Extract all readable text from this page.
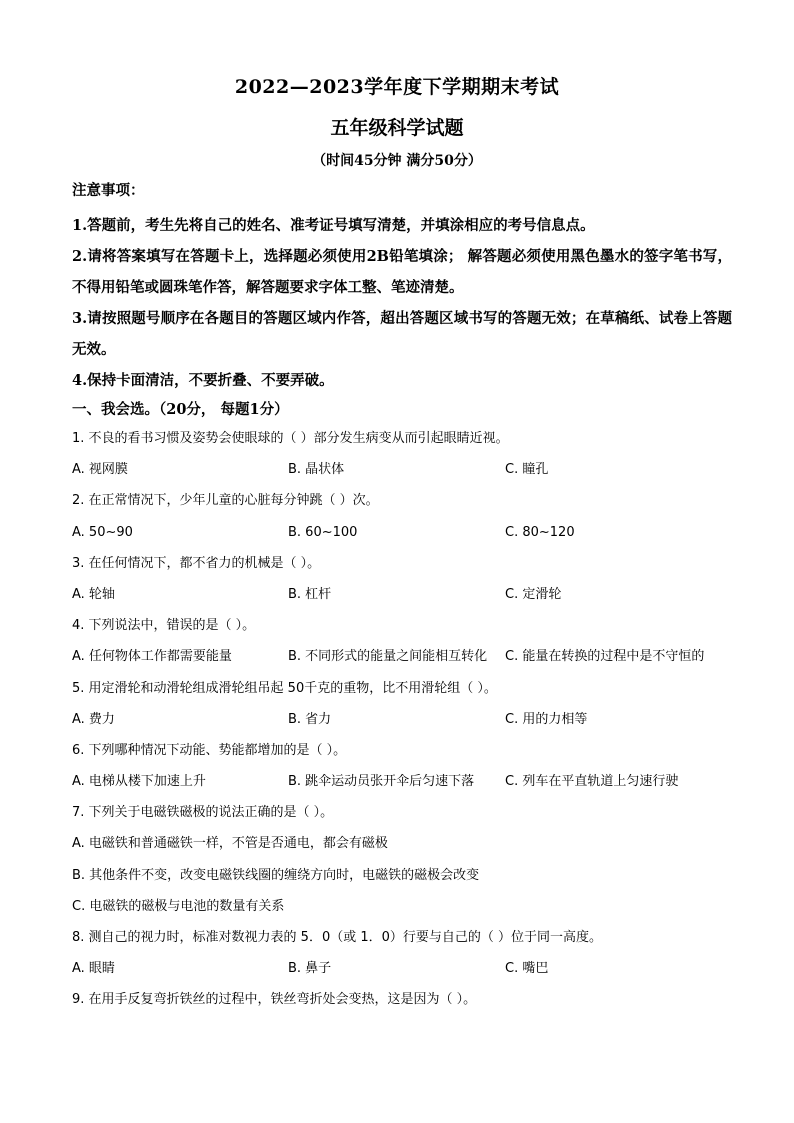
2022—2023学年度下学期期末考试
五年级科学试题
（时间45分钟 满分50分）
注意事项：
1.答题前，考生先将自己的姓名、准考证号填写清楚，并填涂相应的考号信息点。
2.请将答案填写在答题卡上，选择题必须使用2B铅笔填涂； 解答题必须使用黑色墨水的签字笔书写，不得用铅笔或圆珠笔作答，解答题要求字体工整、笔迹清楚。
3.请按照题号顺序在各题目的答题区域内作答，超出答题区域书写的答题无效；在草稿纸、试卷上答题无效。
4.保持卡面清洁，不要折叠、不要弄破。
一、我会选。（20分， 每题1分）
1. 不良的看书习惯及姿势会使眼球的（ ）部分发生病变从而引起眼睛近视。
A. 视网膜	B. 晶状体	C. 瞳孔
2. 在正常情况下，少年儿童的心脏每分钟跳（ ）次。
A. 50~90	B. 60~100	C. 80~120
3. 在任何情况下，都不省力的机械是（ ）。
A. 轮轴	B. 杠杆	C. 定滑轮
4. 下列说法中，错误的是（ ）。
A. 任何物体工作都需要能量	B. 不同形式的能量之间能相互转化 C. 能量在转换的过程中是不守恒的
5. 用定滑轮和动滑轮组成滑轮组吊起 50千克的重物，比不用滑轮组（ ）。
A. 费力	B. 省力	C. 用的力相等
6. 下列哪种情况下动能、势能都增加的是（ ）。
A. 电梯从楼下加速上升	B. 跳伞运动员张开伞后匀速下落 C. 列车在平直轨道上匀速行驶
7. 下列关于电磁铁磁极的说法正确的是（ ）。
A. 电磁铁和普通磁铁一样，不管是否通电，都会有磁极
B. 其他条件不变，改变电磁铁线圈的缠绕方向时，电磁铁的磁极会改变
C. 电磁铁的磁极与电池的数量有关系
8. 测自己的视力时，标准对数视力表的 5．0（或 1．0）行要与自己的（ ）位于同一高度。
A. 眼睛	B. 鼻子	C. 嘴巴
9. 在用手反复弯折铁丝的过程中，铁丝弯折处会变热，这是因为（ ）。
